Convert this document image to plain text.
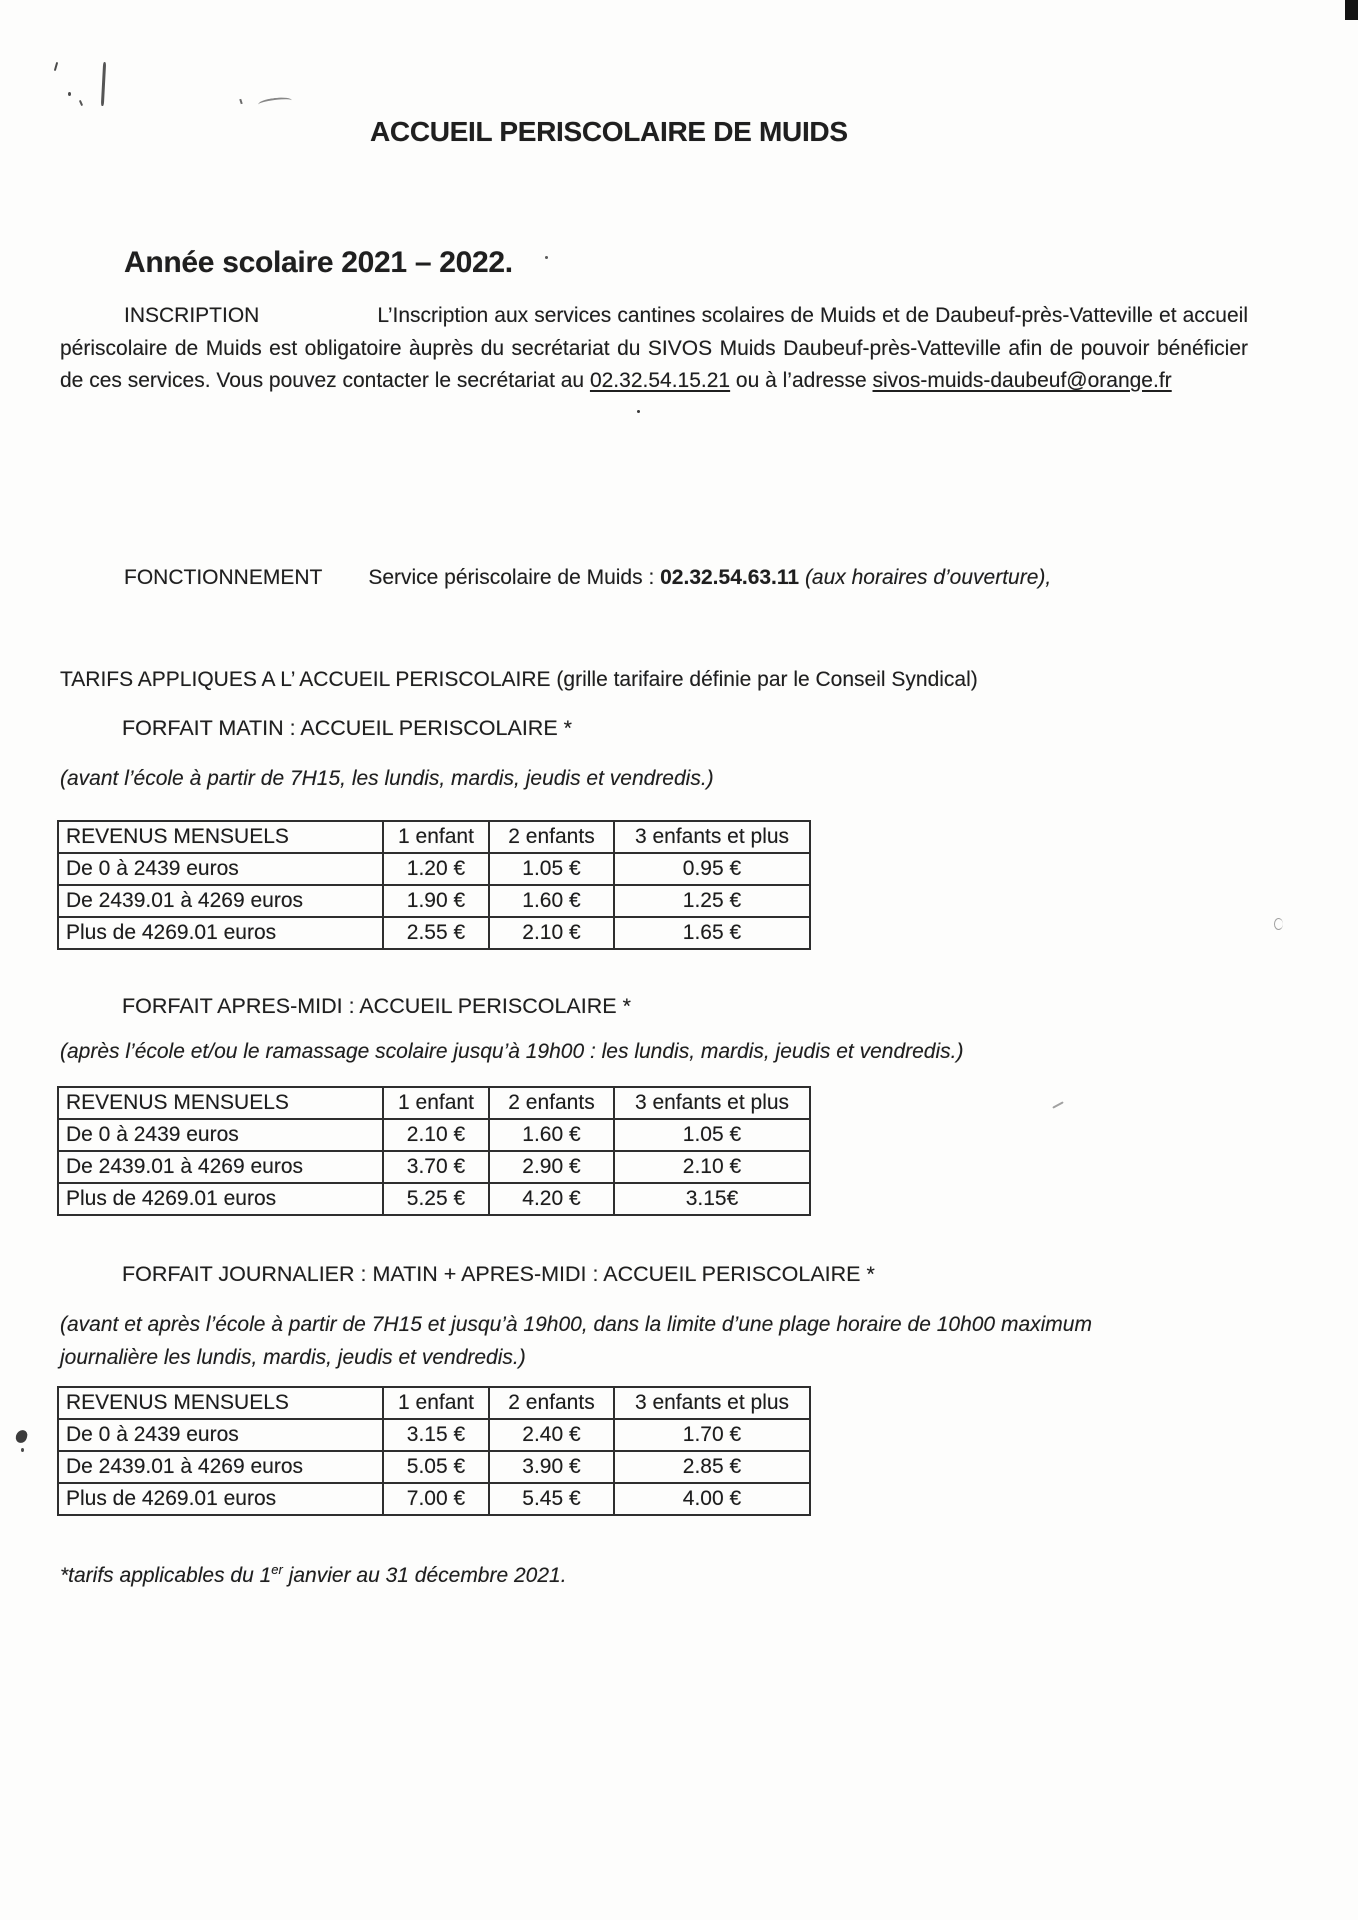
ACCUEIL PERISCOLAIRE DE MUIDS
Année scolaire 2021 – 2022.
INSCRIPTION	L’Inscription aux services cantines scolaires de Muids et de Daubeuf-près-Vatteville et accueil périscolaire de Muids est obligatoire àuprès du secrétariat du SIVOS Muids Daubeuf-près-Vatteville afin de pouvoir bénéficier de ces services. Vous pouvez contacter le secrétariat au 02.32.54.15.21 ou à l’adresse sivos-muids-daubeuf@orange.fr
FONCTIONNEMENT Service périscolaire de Muids : 02.32.54.63.11 (aux horaires d’ouverture),
TARIFS APPLIQUES A L’ ACCUEIL PERISCOLAIRE (grille tarifaire définie par le Conseil Syndical)
FORFAIT MATIN : ACCUEIL PERISCOLAIRE *
(avant l’école à partir de 7H15, les lundis, mardis, jeudis et vendredis.)
REVENUS MENSUELS	1 enfant	2 enfants	3 enfants et plus
De 0 à 2439 euros	1.20 €	1.05 €	0.95 €
De 2439.01 à 4269 euros	1.90 €	1.60 €	1.25 €
Plus de 4269.01 euros	2.55 €	2.10 €	1.65 €
FORFAIT APRES-MIDI : ACCUEIL PERISCOLAIRE *
(après l’école et/ou le ramassage scolaire jusqu’à 19h00 : les lundis, mardis, jeudis et vendredis.)
REVENUS MENSUELS	1 enfant	2 enfants	3 enfants et plus
De 0 à 2439 euros	2.10 €	1.60 €	1.05 €
De 2439.01 à 4269 euros	3.70 €	2.90 €	2.10 €
Plus de 4269.01 euros	5.25 €	4.20 €	3.15€
FORFAIT JOURNALIER : MATIN + APRES-MIDI : ACCUEIL PERISCOLAIRE *
(avant et après l’école à partir de 7H15 et jusqu’à 19h00, dans la limite d’une plage horaire de 10h00 maximum journalière les lundis, mardis, jeudis et vendredis.)
REVENUS MENSUELS	1 enfant	2 enfants	3 enfants et plus
De 0 à 2439 euros	3.15 €	2.40 €	1.70 €
De 2439.01 à 4269 euros	5.05 €	3.90 €	2.85 €
Plus de 4269.01 euros	7.00 €	5.45 €	4.00 €
*tarifs applicables du 1er janvier au 31 décembre 2021.
